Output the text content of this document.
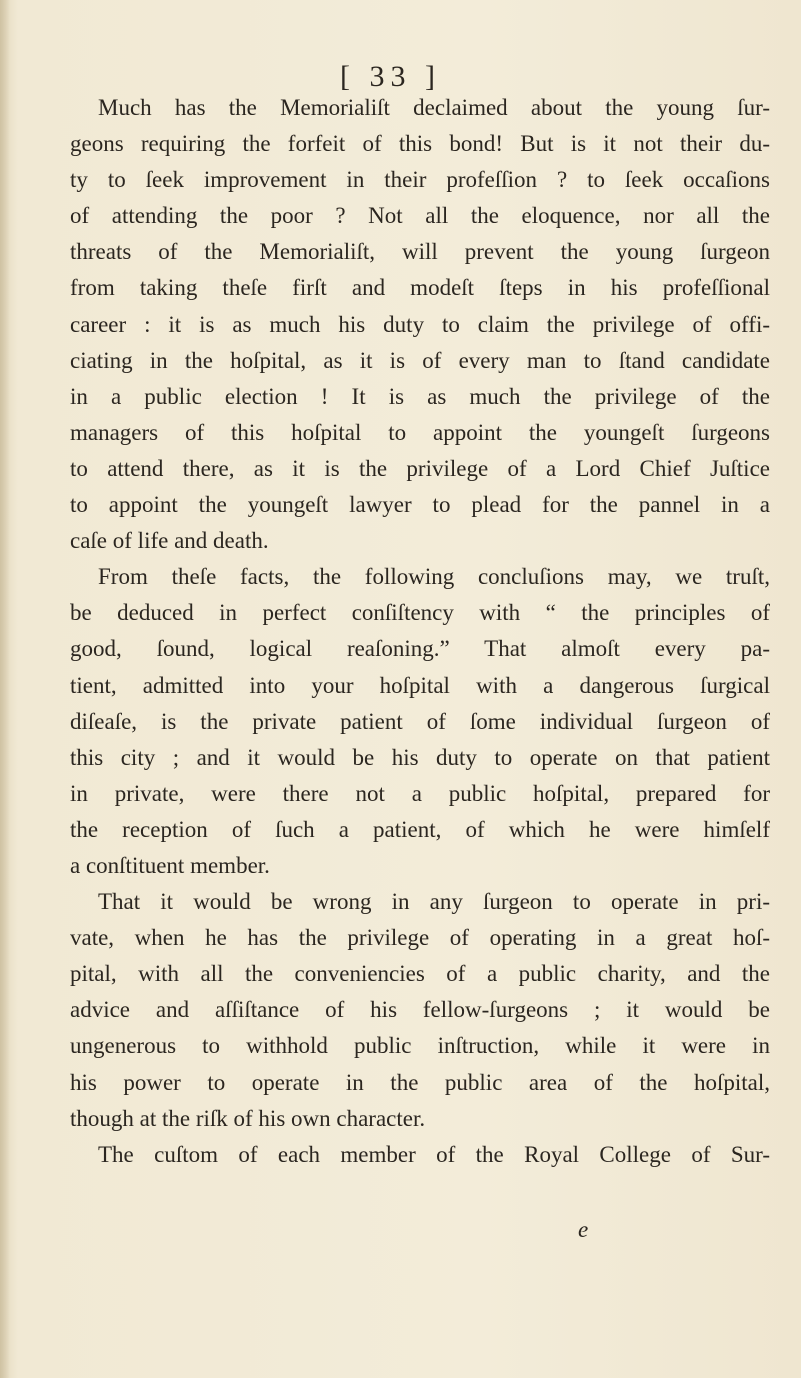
[ 33 ]
Much has the Memorialiſt declaimed about the young ſur-
geons requiring the forfeit of this bond! But is it not their du-
ty to ſeek improvement in their profeſſion ? to ſeek occaſions
of attending the poor ? Not all the eloquence, nor all the
threats of the Memorialiſt, will prevent the young ſurgeon
from taking theſe firſt and modeſt ſteps in his profeſſional
career : it is as much his duty to claim the privilege of offi-
ciating in the hoſpital, as it is of every man to ſtand candidate
in a public election ! It is as much the privilege of the
managers of this hoſpital to appoint the youngeſt ſurgeons
to attend there, as it is the privilege of a Lord Chief Juſtice
to appoint the youngeſt lawyer to plead for the pannel in a
caſe of life and death.
From theſe facts, the following concluſions may, we truſt,
be deduced in perfect conſiſtency with “ the principles of
good, ſound, logical reaſoning.” That almoſt every pa-
tient, admitted into your hoſpital with a dangerous ſurgical
diſeaſe, is the private patient of ſome individual ſurgeon of
this city ; and it would be his duty to operate on that patient
in private, were there not a public hoſpital, prepared for
the reception of ſuch a patient, of which he were himſelf
a conſtituent member.
That it would be wrong in any ſurgeon to operate in pri-
vate, when he has the privilege of operating in a great hoſ-
pital, with all the conveniencies of a public charity, and the
advice and aſſiſtance of his fellow-ſurgeons ; it would be
ungenerous to withhold public inſtruction, while it were in
his power to operate in the public area of the hoſpital,
though at the riſk of his own character.
The cuſtom of each member of the Royal College of Sur-
e
